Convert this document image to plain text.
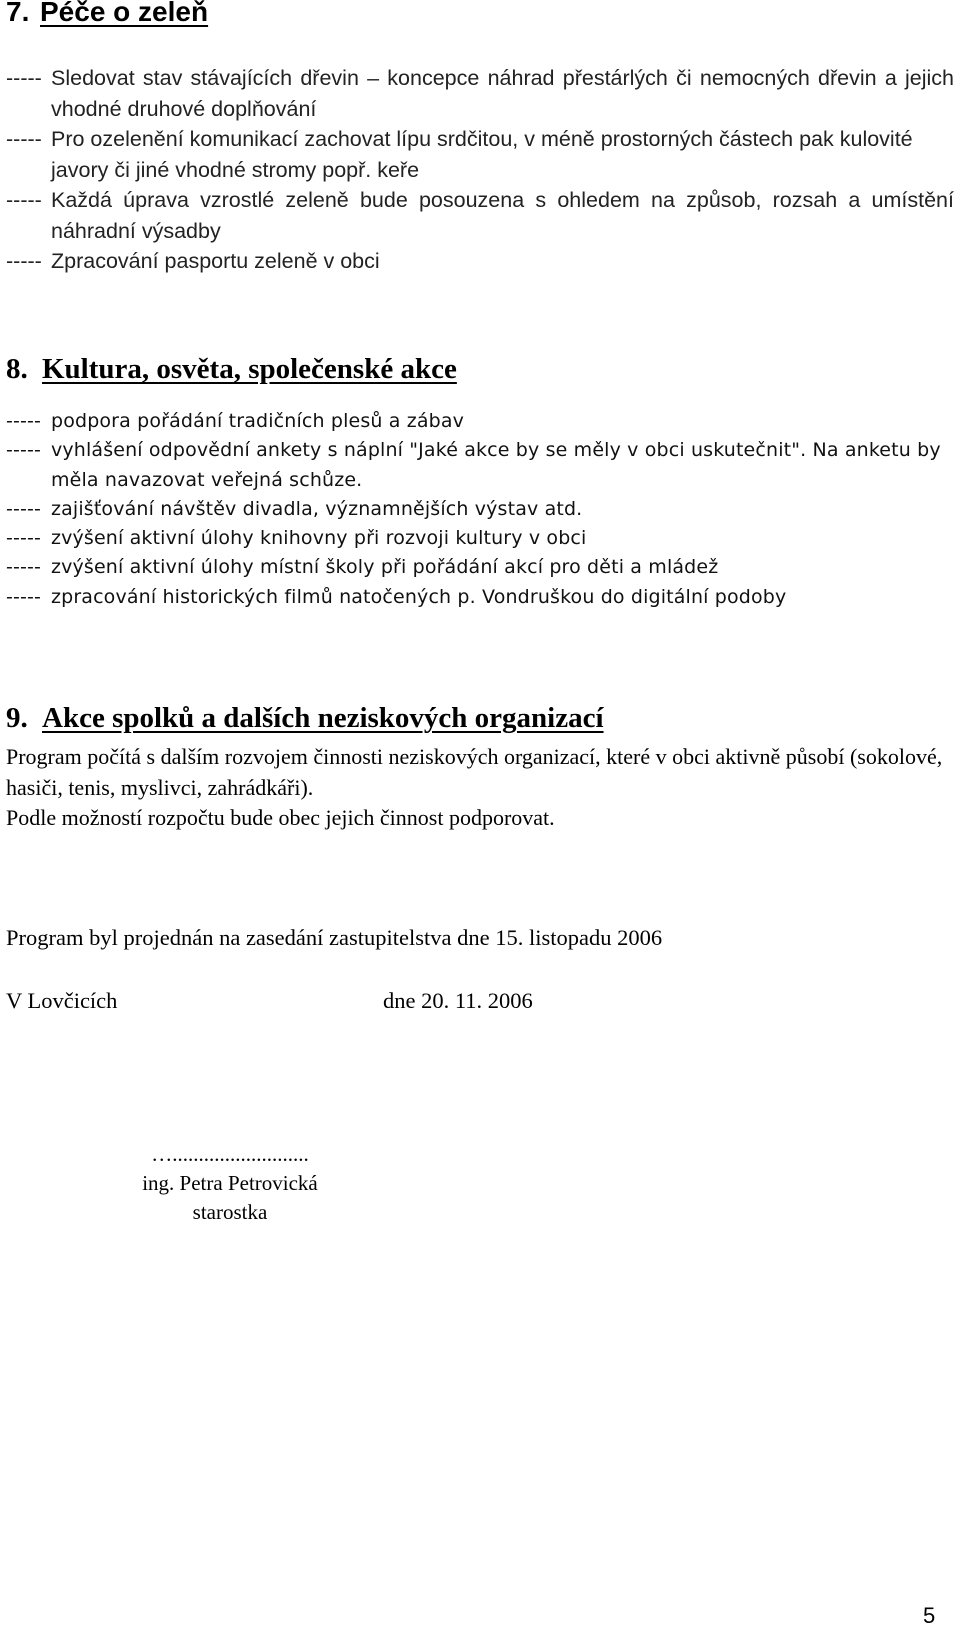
7. Péče o zeleň
----- Sledovat stav stávajících dřevin – koncepce náhrad přestárlých či nemocných dřevin a jejich vhodné druhové doplňování
----- Pro ozelenění komunikací zachovat lípu srdčitou, v méně prostorných částech pak kulovité javory či jiné vhodné stromy popř. keře
----- Každá úprava vzrostlé zeleně bude posouzena s ohledem na způsob, rozsah a umístění náhradní výsadby
----- Zpracování pasportu zeleně v obci
8. Kultura, osvěta, společenské akce
----- podpora pořádání tradičních plesů a zábav
----- vyhlášení odpovědní ankety s náplní "Jaké akce by se měly v obci uskutečnit". Na anketu by měla navazovat veřejná schůze.
----- zajišťování návštěv divadla, významnějších výstav atd.
----- zvýšení aktivní úlohy knihovny při rozvoji kultury v obci
----- zvýšení aktivní úlohy místní školy při pořádání akcí pro děti a mládež
----- zpracování historických filmů natočených p. Vondruškou do digitální podoby
9. Akce spolků a dalších neziskových organizací

Program počítá s dalším rozvojem činnosti neziskových organizací, které v obci aktivně působí (sokolové, hasiči, tenis, myslivci, zahrádkáři).

Podle možností rozpočtu bude obec jejich činnost podporovat.

Program byl projednán na zasedání zastupitelstva dne 15. listopadu 2006

V Lovčicích	dne 20. 11. 2006

…..........................
ing. Petra Petrovická
starostka

5
